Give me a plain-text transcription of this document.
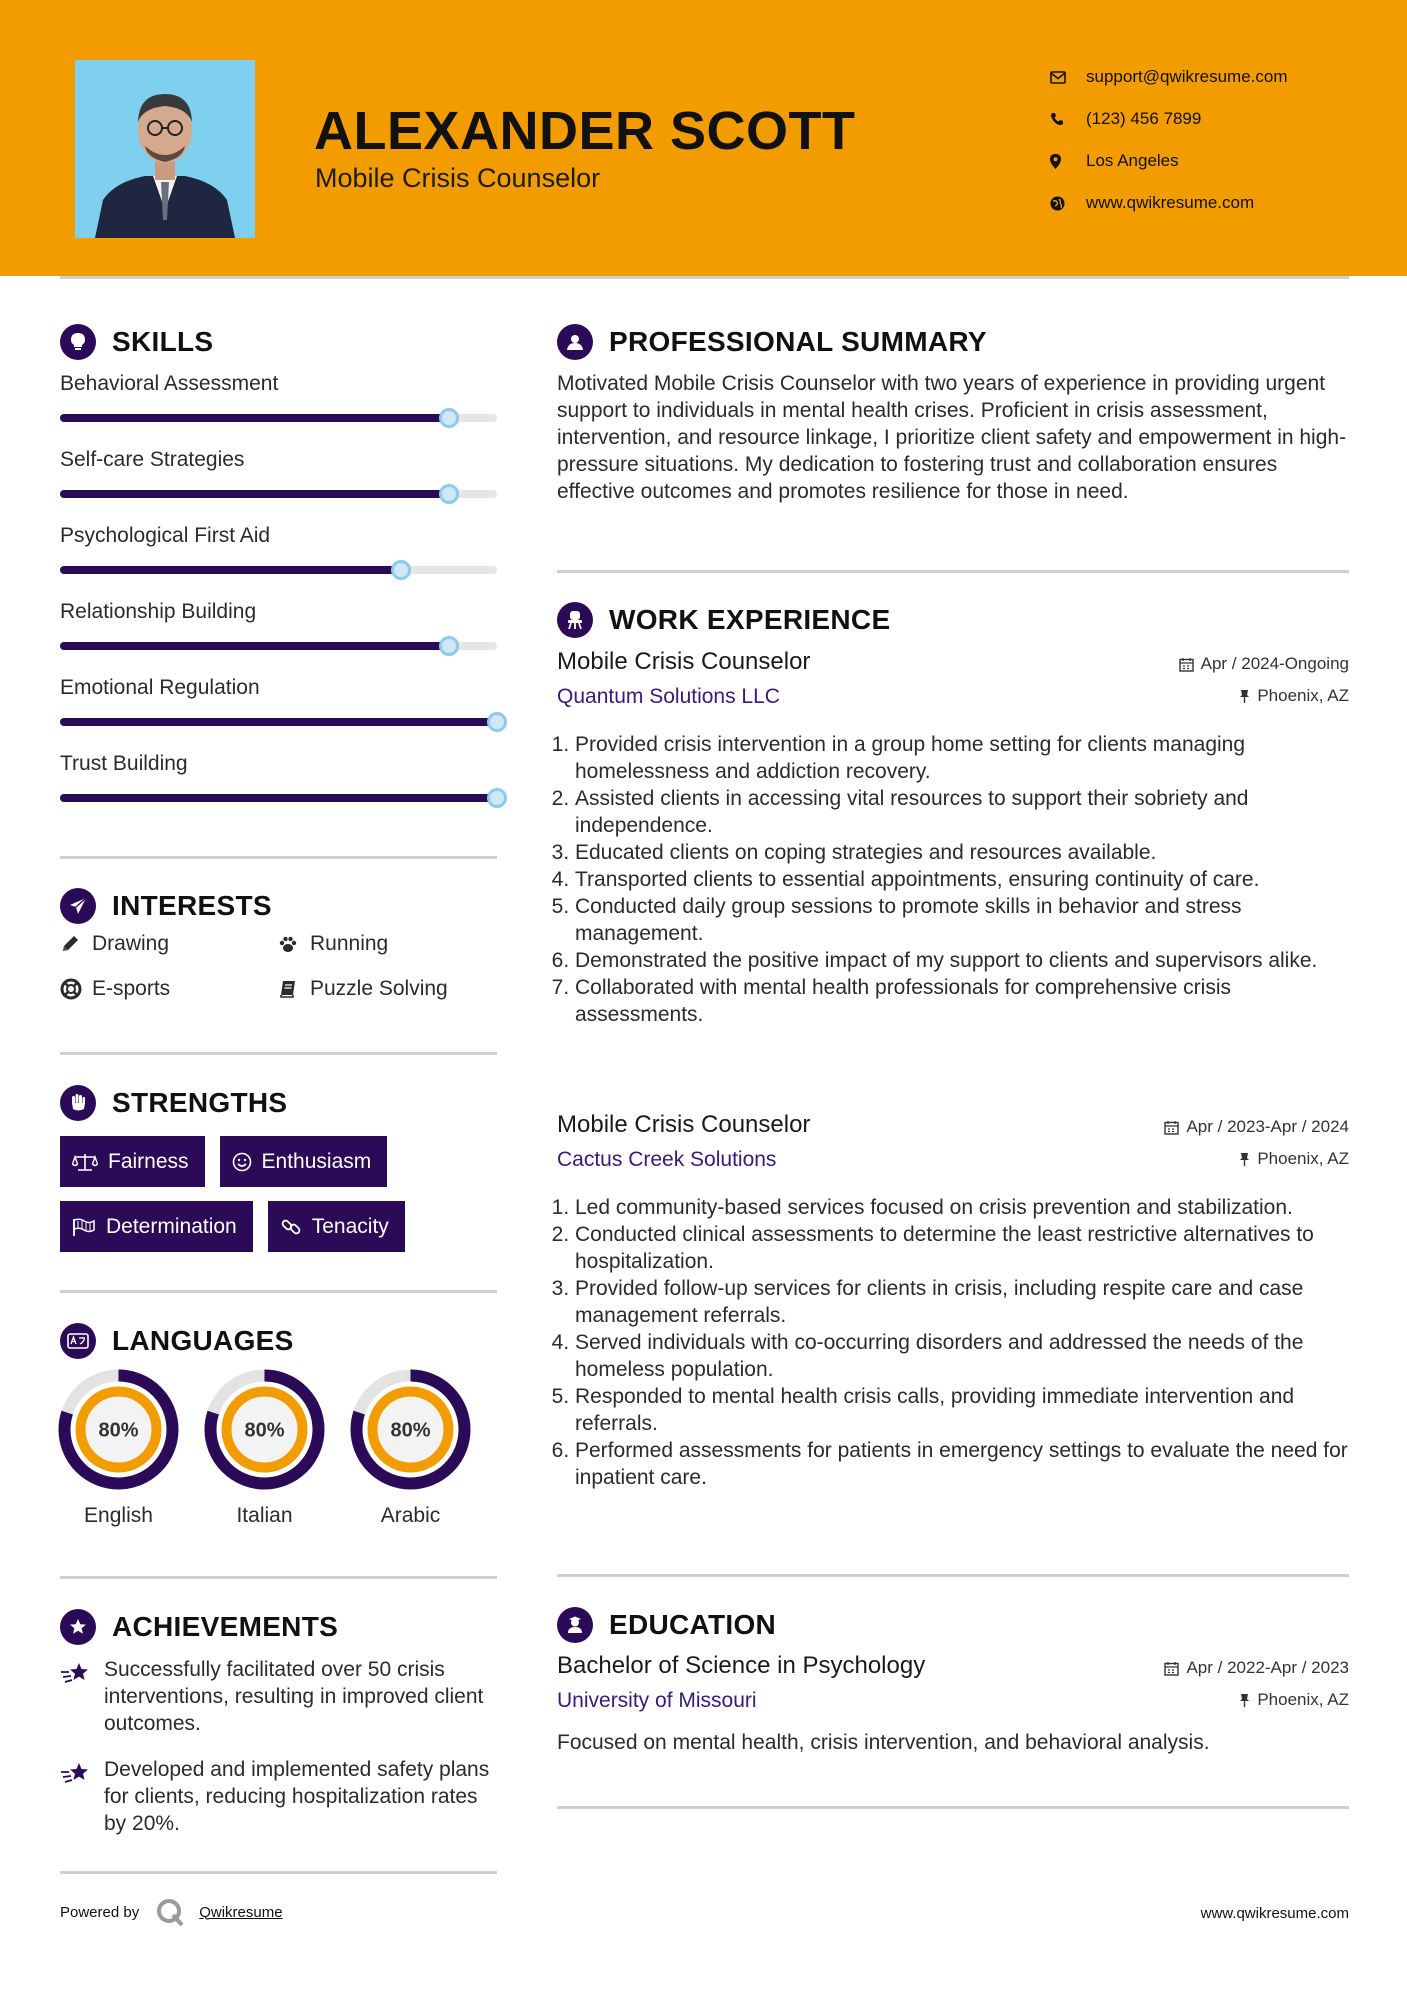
ALEXANDER SCOTT
Mobile Crisis Counselor
support@qwikresume.com
(123) 456 7899
Los Angeles
www.qwikresume.com
SKILLS
Behavioral Assessment
Self-care Strategies
Psychological First Aid
Relationship Building
Emotional Regulation
Trust Building
INTERESTS
Drawing	Running
E-sports	Puzzle Solving
STRENGTHS
Fairness	Enthusiasm
Determination	Tenacity
LANGUAGES
80%
English
80%
Italian
80%
Arabic
ACHIEVEMENTS
Successfully facilitated over 50 crisis interventions, resulting in improved client outcomes.
Developed and implemented safety plans for clients, reducing hospitalization rates by 20%.
PROFESSIONAL SUMMARY
Motivated Mobile Crisis Counselor with two years of experience in providing urgent support to individuals in mental health crises. Proficient in crisis assessment, intervention, and resource linkage, I prioritize client safety and empowerment in high-pressure situations. My dedication to fostering trust and collaboration ensures effective outcomes and promotes resilience for those in need.
WORK EXPERIENCE
Mobile Crisis Counselor
Quantum Solutions LLC
Apr / 2024-Ongoing
Phoenix, AZ
1. Provided crisis intervention in a group home setting for clients managing homelessness and addiction recovery.
2. Assisted clients in accessing vital resources to support their sobriety and independence.
3. Educated clients on coping strategies and resources available.
4. Transported clients to essential appointments, ensuring continuity of care.
5. Conducted daily group sessions to promote skills in behavior and stress management.
6. Demonstrated the positive impact of my support to clients and supervisors alike.
7. Collaborated with mental health professionals for comprehensive crisis assessments.
Mobile Crisis Counselor
Cactus Creek Solutions
Apr / 2023-Apr / 2024
Phoenix, AZ
1. Led community-based services focused on crisis prevention and stabilization.
2. Conducted clinical assessments to determine the least restrictive alternatives to hospitalization.
3. Provided follow-up services for clients in crisis, including respite care and case management referrals.
4. Served individuals with co-occurring disorders and addressed the needs of the homeless population.
5. Responded to mental health crisis calls, providing immediate intervention and referrals.
6. Performed assessments for patients in emergency settings to evaluate the need for inpatient care.
EDUCATION
Bachelor of Science in Psychology
University of Missouri
Apr / 2022-Apr / 2023
Phoenix, AZ
Focused on mental health, crisis intervention, and behavioral analysis.
Powered by	Qwikresume	www.qwikresume.com
